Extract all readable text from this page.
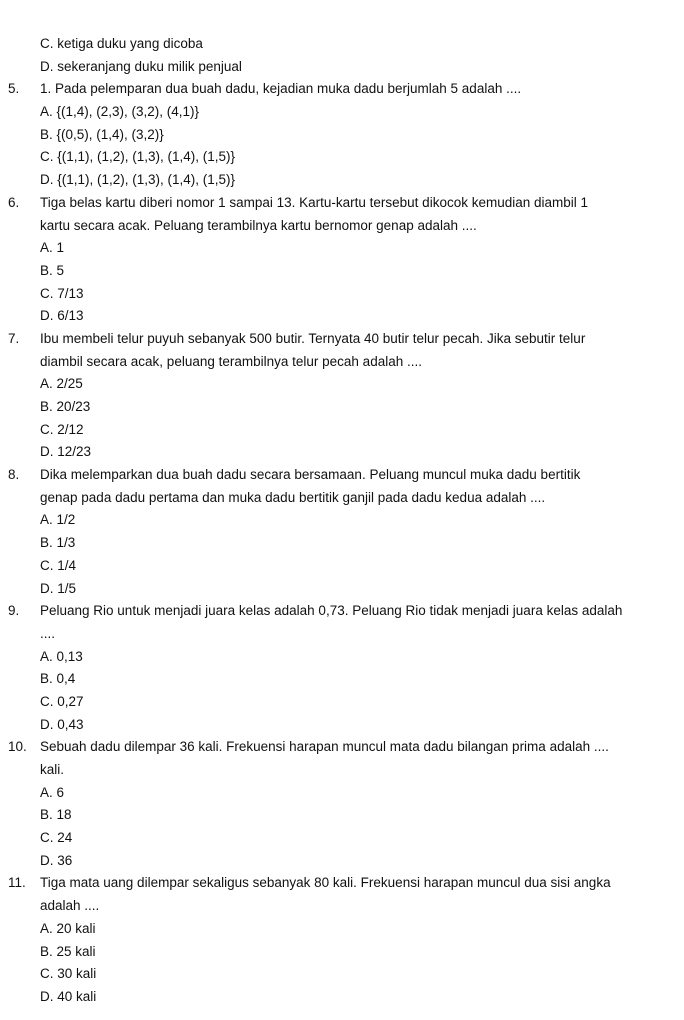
C. ketiga duku yang dicoba
D. sekeranjang duku milik penjual
5. 1. Pada pelemparan dua buah dadu, kejadian muka dadu berjumlah 5 adalah ....
A. {(1,4), (2,3), (3,2), (4,1)}
B. {(0,5), (1,4), (3,2)}
C. {(1,1), (1,2), (1,3), (1,4), (1,5)}
D. {(1,1), (1,2), (1,3), (1,4), (1,5)}
6. Tiga belas kartu diberi nomor 1 sampai 13. Kartu-kartu tersebut dikocok kemudian diambil 1
kartu secara acak. Peluang terambilnya kartu bernomor genap adalah ....
A. 1
B. 5
C. 7/13
D. 6/13
7. Ibu membeli telur puyuh sebanyak 500 butir. Ternyata 40 butir telur pecah. Jika sebutir telur
diambil secara acak, peluang terambilnya telur pecah adalah ....
A. 2/25
B. 20/23
C. 2/12
D. 12/23
8. Dika melemparkan dua buah dadu secara bersamaan. Peluang muncul muka dadu bertitik
genap pada dadu pertama dan muka dadu bertitik ganjil pada dadu kedua adalah ....
A. 1/2
B. 1/3
C. 1/4
D. 1/5
9. Peluang Rio untuk menjadi juara kelas adalah 0,73. Peluang Rio tidak menjadi juara kelas adalah
....
A. 0,13
B. 0,4
C. 0,27
D. 0,43
10. Sebuah dadu dilempar 36 kali. Frekuensi harapan muncul mata dadu bilangan prima adalah ....
kali.
A. 6
B. 18
C. 24
D. 36
11. Tiga mata uang dilempar sekaligus sebanyak 80 kali. Frekuensi harapan muncul dua sisi angka
adalah ....
A. 20 kali
B. 25 kali
C. 30 kali
D. 40 kali
